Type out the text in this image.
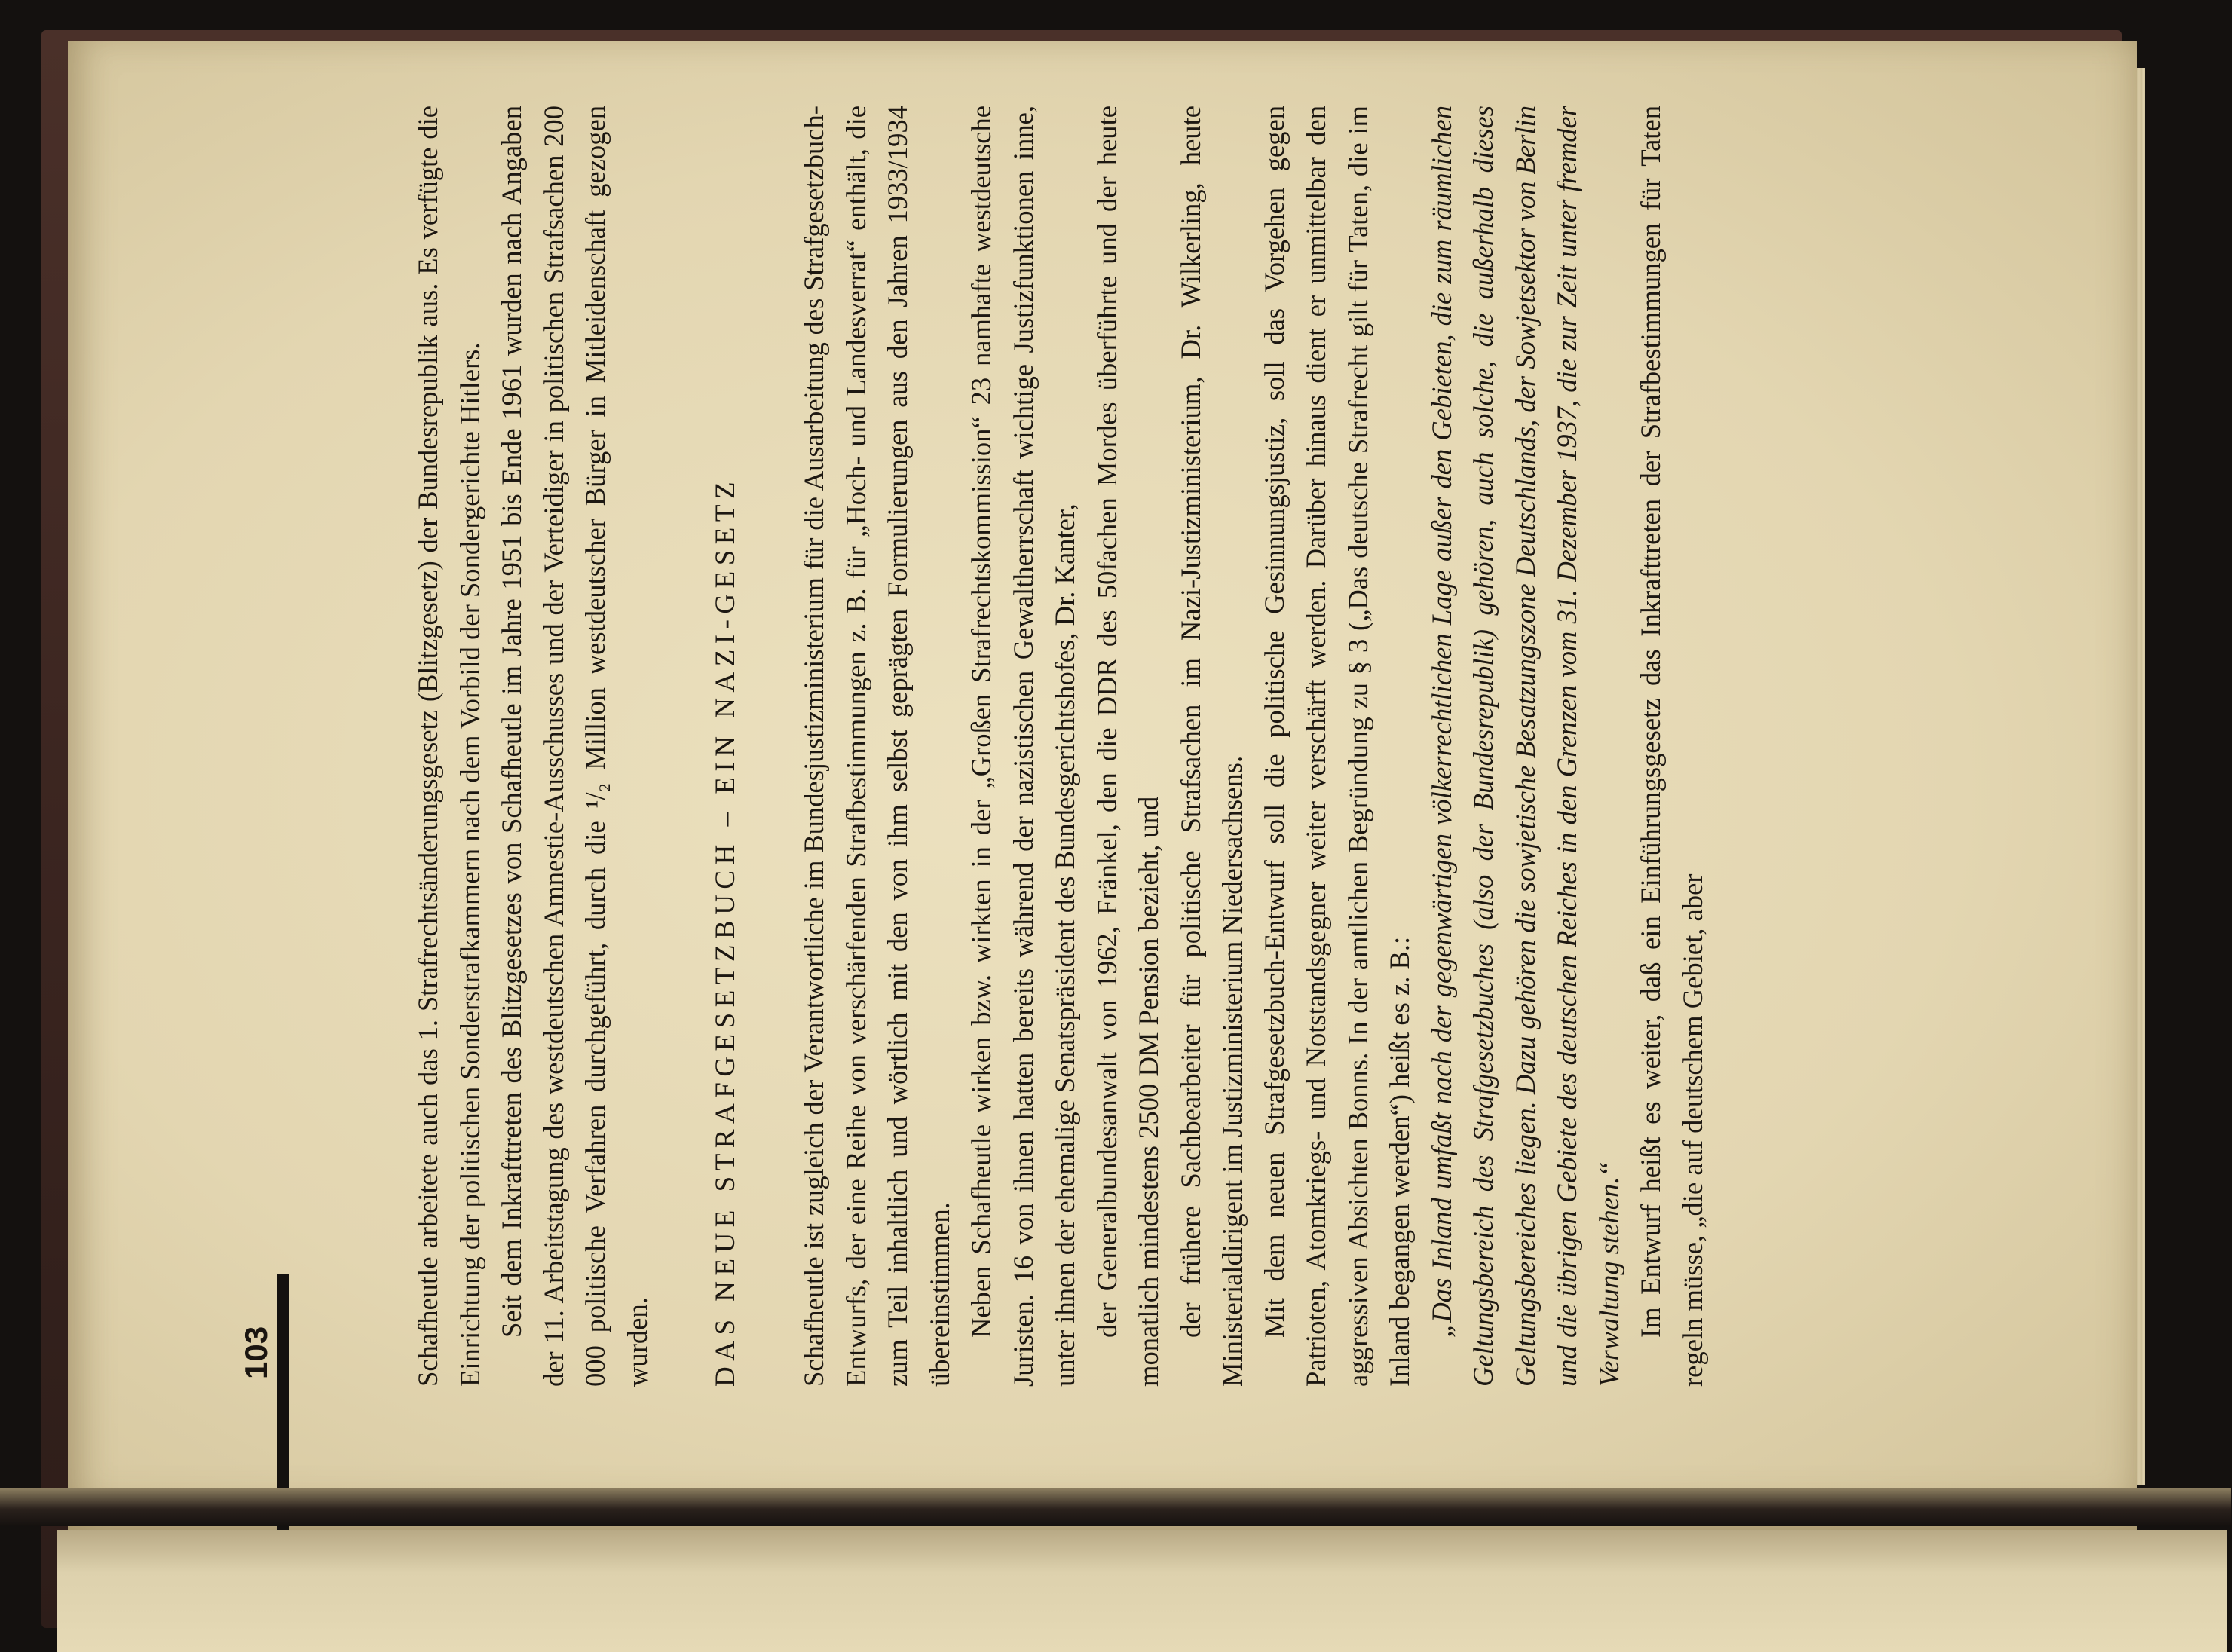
103	Schafheutle arbeitete auch das 1. Strafrechtsänderungsgesetz (Blitzgesetz) der Bundesrepublik aus. Es verfügte die Einrichtung der politischen Sonderstrafkammern nach dem Vorbild der Sondergerichte Hitlers. Seit dem Inkrafttreten des Blitzgesetzes von Schafheutle im Jahre 1951 bis Ende 1961 wurden nach Angaben der 11. Arbeitstagung des westdeutschen Amnestie-Ausschusses und der Verteidiger in politischen Strafsachen 200 000 politische Verfahren durchgeführt, durch die ¹/₂ Million westdeutscher Bürger in Mitleidenschaft gezogen wurden.	DAS NEUE STRAFGESETZBUCH – EIN NAZI-GESETZ	Schafheutle ist zugleich der Verantwortliche im Bundesjustizministerium für die Ausarbeitung des Strafgesetzbuch-Entwurfs, der eine Reihe von verschärfenden Strafbestimmungen z. B. für „Hoch- und Landesverrat“ enthält, die zum Teil inhaltlich und wörtlich mit den von ihm selbst geprägten Formulierungen aus den Jahren 1933/1934 übereinstimmen. Neben Schafheutle wirken bzw. wirkten in der „Großen Strafrechtskommission“ 23 namhafte westdeutsche Juristen. 16 von ihnen hatten bereits während der nazistischen Gewaltherrschaft wichtige Justizfunktionen inne, unter ihnen der ehemalige Senatspräsident des Bundesgerichtshofes, Dr. Kanter, der Generalbundesanwalt von 1962, Fränkel, den die DDR des 50fachen Mordes überführte und der heute monatlich mindestens 2500 DM Pension bezieht, und der frühere Sachbearbeiter für politische Strafsachen im Nazi-Justizministerium, Dr. Wilkerling, heute Ministerialdirigent im Justizministerium Niedersachsens. Mit dem neuen Strafgesetzbuch-Entwurf soll die politische Gesinnungsjustiz, soll das Vorgehen gegen Patrioten, Atomkriegs- und Notstandsgegner weiter verschärft werden. Darüber hinaus dient er unmittelbar den aggressiven Absichten Bonns. In der amtlichen Begründung zu § 3 („Das deutsche Strafrecht gilt für Taten, die im Inland begangen werden“) heißt es z. B.: „Das Inland umfaßt nach der gegenwärtigen völkerrechtlichen Lage außer den Gebieten, die zum räumlichen Geltungsbereich des Strafgesetzbuches (also der Bundesrepublik) gehören, auch solche, die außerhalb dieses Geltungsbereiches liegen. Dazu gehören die sowjetische Besatzungszone Deutschlands, der Sowjetsektor von Berlin und die übrigen Gebiete des deutschen Reiches in den Grenzen vom 31. Dezember 1937, die zur Zeit unter fremder Verwaltung stehen.“ Im Entwurf heißt es weiter, daß ein Einführungsgesetz das Inkrafttreten der Strafbestimmungen für Taten regeln müsse, „die auf deutschem Gebiet, aber
